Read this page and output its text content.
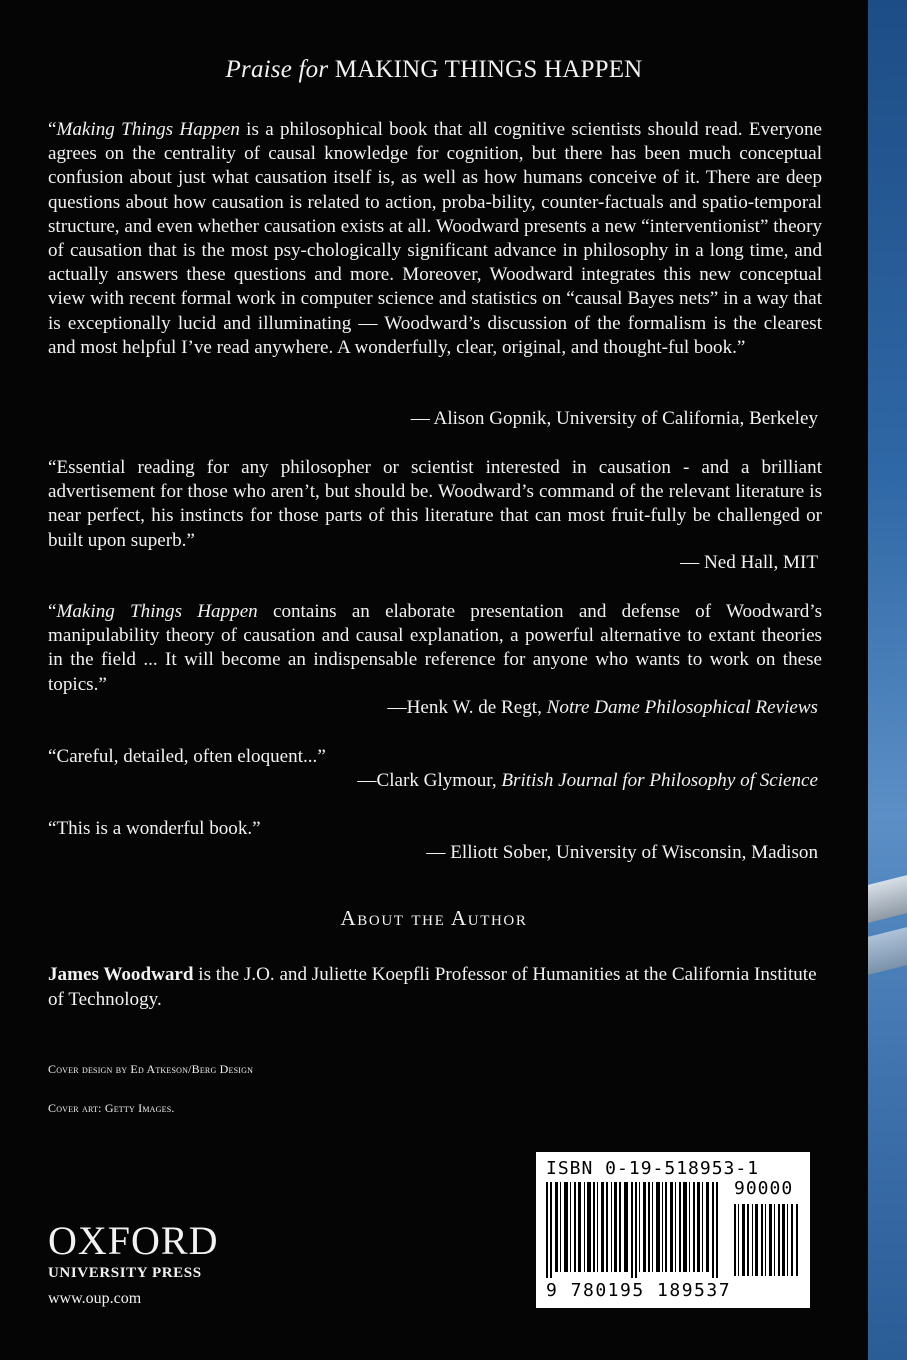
Praise for MAKING THINGS HAPPEN
“Making Things Happen is a philosophical book that all cognitive scientists should read. Everyone agrees on the centrality of causal knowledge for cognition, but there has been much conceptual confusion about just what causation itself is, as well as how humans conceive of it. There are deep questions about how causation is related to action, proba-bility, counter-factuals and spatio-temporal structure, and even whether causation exists at all. Woodward presents a new “interventionist” theory of causation that is the most psy-chologically significant advance in philosophy in a long time, and actually answers these questions and more. Moreover, Woodward integrates this new conceptual view with recent formal work in computer science and statistics on “causal Bayes nets” in a way that is exceptionally lucid and illuminating — Woodward’s discussion of the formalism is the clearest and most helpful I’ve read anywhere. A wonderfully, clear, original, and thought-ful book.”
— Alison Gopnik, University of California, Berkeley
“Essential reading for any philosopher or scientist interested in causation - and a brilliant advertisement for those who aren’t, but should be. Woodward’s command of the relevant literature is near perfect, his instincts for those parts of this literature that can most fruit-fully be challenged or built upon superb.”
— Ned Hall, MIT
“Making Things Happen contains an elaborate presentation and defense of Woodward’s manipulability theory of causation and causal explanation, a powerful alternative to extant theories in the field ... It will become an indispensable reference for anyone who wants to work on these topics.”
—Henk W. de Regt, Notre Dame Philosophical Reviews
“Careful, detailed, often eloquent...”
—Clark Glymour, British Journal for Philosophy of Science
“This is a wonderful book.”
— Elliott Sober, University of Wisconsin, Madison
About the Author
James Woodward is the J.O. and Juliette Koepfli Professor of Humanities at the California Institute of Technology.
Cover design by Ed Atkeson/Berg Design
Cover art: Getty Images.
OXFORD
UNIVERSITY PRESS
www.oup.com
ISBN 0-19-518953-1
90000
9 780195 189537
